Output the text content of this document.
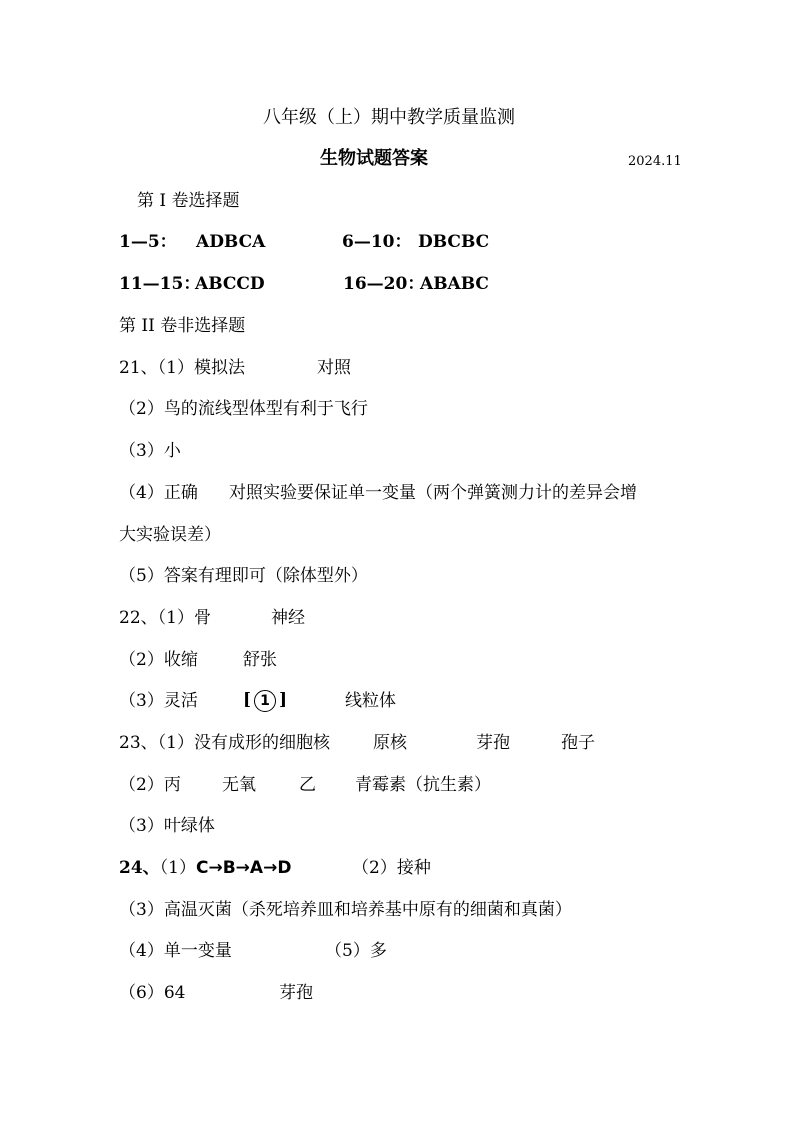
八年级（上）期中教学质量监测
生物试题答案	2024.11
第 I 卷选择题
1—5： ADBCA	6—10： DBCBC
11—15：
ABCCD	16—20：
ABABC
第 II 卷非选择题
21、（1）模拟法	对照
（2）鸟的流线型体型有利于飞行
（3）小
（4）正确 对照实验要保证单一变量（两个弹簧测力计的差异会增
大实验误差）
（5）答案有理即可（除体型外）
22、（1）骨	神经
（2）收缩	舒张
（3）灵活	[ 1 ]	线粒体
23、（1）没有成形的细胞核	原核	芽孢	孢子
（2）丙 无氧	乙 青霉素（抗生素）
（3）叶绿体
24、（1）C→B→A→D	（2）接种
（3）高温灭菌（杀死培养皿和培养基中原有的细菌和真菌）
（4）单一变量	（5）多
（6）64	芽孢
